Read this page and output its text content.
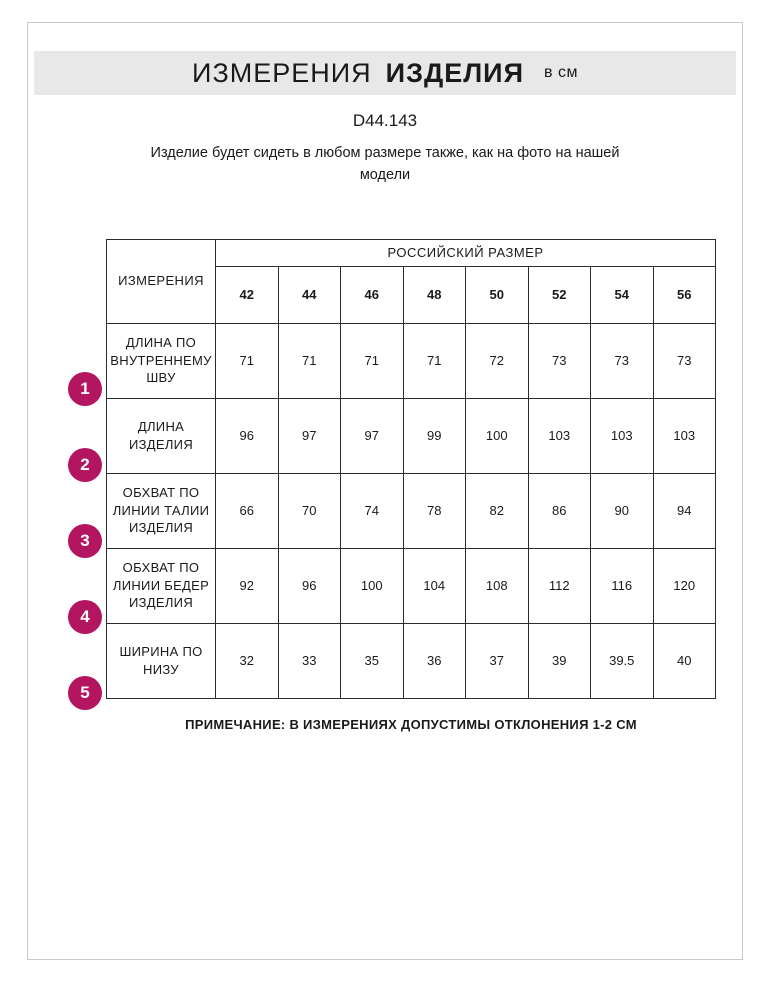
ИЗМЕРЕНИЯ ИЗДЕЛИЯ в см
D44.143
Изделие будет сидеть в любом размере также, как на фото на нашей модели
1
2
3
4
5
ИЗМЕРЕНИЯ	РОССИЙСКИЙ РАЗМЕР							
	42	44	46	48	50	52	54	56
ДЛИНА ПО ВНУТРЕННЕМУ ШВУ	71	71	71	71	72	73	73	73
ДЛИНА ИЗДЕЛИЯ	96	97	97	99	100	103	103	103
ОБХВАТ ПО ЛИНИИ ТАЛИИ ИЗДЕЛИЯ	66	70	74	78	82	86	90	94
ОБХВАТ ПО ЛИНИИ БЕДЕР ИЗДЕЛИЯ	92	96	100	104	108	112	116	120
ШИРИНА ПО НИЗУ	32	33	35	36	37	39	39.5	40
ПРИМЕЧАНИЕ: В ИЗМЕРЕНИЯХ ДОПУСТИМЫ ОТКЛОНЕНИЯ 1-2 СМ
